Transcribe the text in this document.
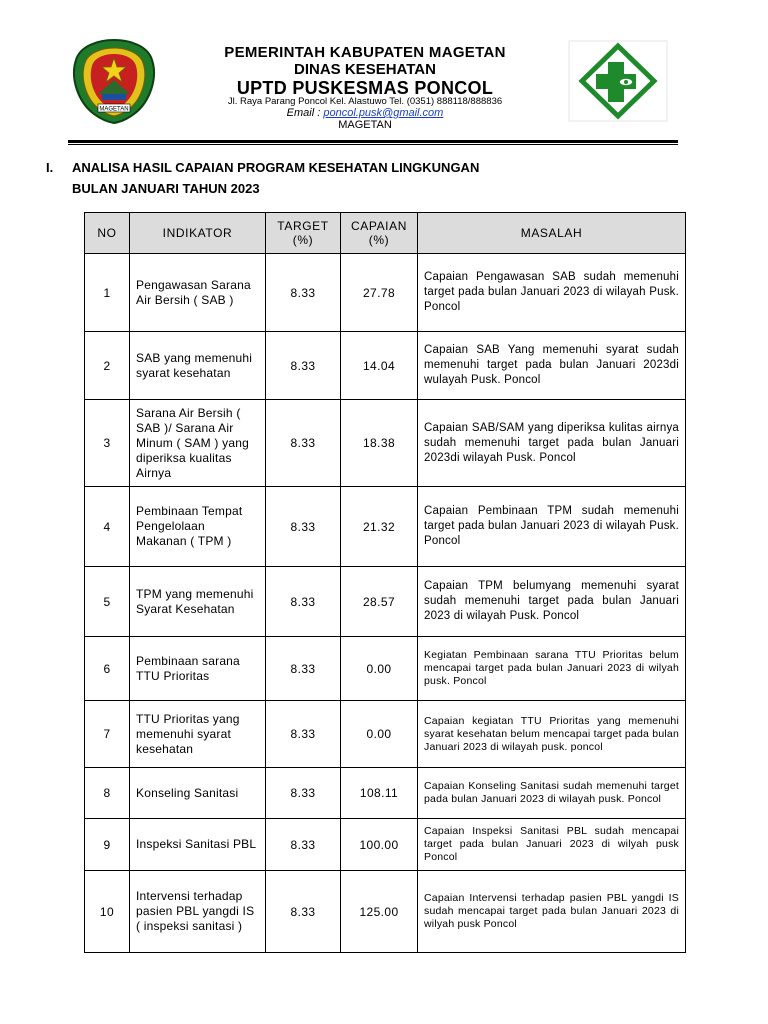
MAGETAN
PEMERINTAH KABUPATEN MAGETAN
DINAS KESEHATAN
UPTD PUSKESMAS PONCOL
Jl. Raya Parang Poncol Kel. Alastuwo Tel. (0351) 888118/888836
Email : poncol.pusk@gmail.com
MAGETAN
I. ANALISA HASIL CAPAIAN PROGRAM KESEHATAN LINGKUNGAN
BULAN JANUARI TAHUN 2023
NO	INDIKATOR	TARGET (%)	CAPAIAN (%)	MASALAH
1	Pengawasan Sarana Air Bersih ( SAB )	8.33	27.78	Capaian Pengawasan SAB sudah memenuhi target pada bulan Januari 2023 di wilayah Pusk. Poncol
2	SAB yang memenuhi syarat kesehatan	8.33	14.04	Capaian SAB Yang memenuhi syarat sudah memenuhi target pada bulan Januari 2023di wulayah Pusk. Poncol
3	Sarana Air Bersih ( SAB )/ Sarana Air Minum ( SAM ) yang diperiksa kualitas Airnya	8.33	18.38	Capaian SAB/SAM yang diperiksa kulitas airnya sudah memenuhi target pada bulan Januari 2023di wilayah Pusk. Poncol
4	Pembinaan Tempat Pengelolaan Makanan ( TPM )	8.33	21.32	Capaian Pembinaan TPM sudah memenuhi target pada bulan Januari 2023 di wilayah Pusk. Poncol
5	TPM yang memenuhi Syarat Kesehatan	8.33	28.57	Capaian TPM belumyang memenuhi syarat sudah memenuhi target pada bulan Januari 2023 di wilayah Pusk. Poncol
6	Pembinaan sarana TTU Prioritas	8.33	0.00	Kegiatan Pembinaan sarana TTU Prioritas belum mencapai target pada bulan Januari 2023 di wilyah pusk. Poncol
7	TTU Prioritas yang memenuhi syarat kesehatan	8.33	0.00	Capaian kegiatan TTU Prioritas yang memenuhi syarat kesehatan belum mencapai target pada bulan Januari 2023 di wilayah pusk. poncol
8	Konseling Sanitasi	8.33	108.11	Capaian Konseling Sanitasi sudah memenuhi target pada bulan Januari 2023 di wilayah pusk. Poncol
9	Inspeksi Sanitasi PBL	8.33	100.00	Capaian Inspeksi Sanitasi PBL sudah mencapai target pada bulan Januari 2023 di wilyah pusk Poncol
10	Intervensi terhadap pasien PBL yangdi IS ( inspeksi sanitasi )	8.33	125.00	Capaian Intervensi terhadap pasien PBL yangdi IS sudah mencapai target pada bulan Januari 2023 di wilyah pusk Poncol
